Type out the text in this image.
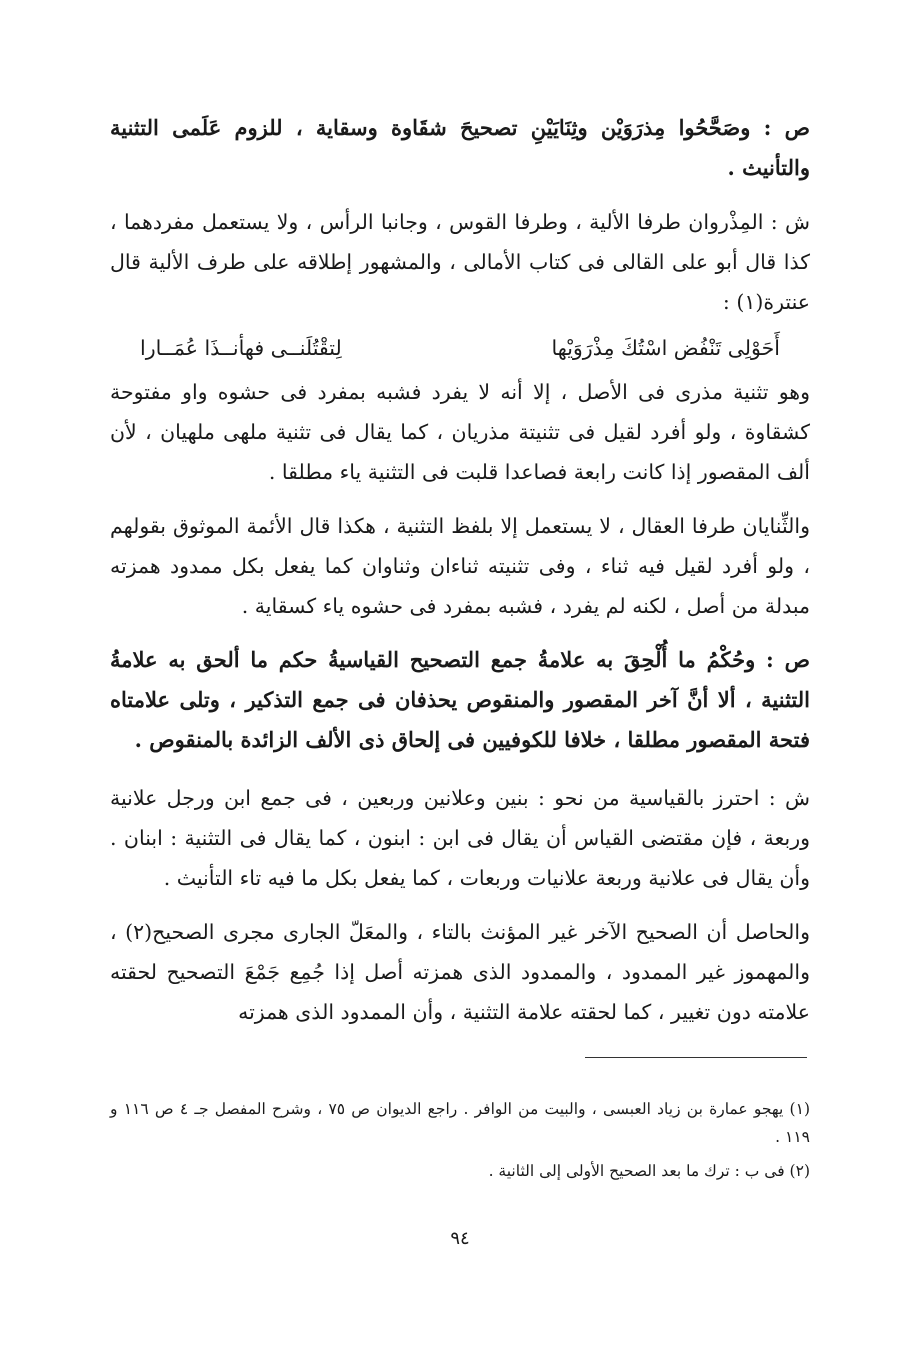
ص : وصَحَّحُوا مِذرَوَيْن وثِنَايَيْنِ تصحيحَ شقَاوة وسقاية ، للزوم عَلَمى التثنية والتأنيث .

ش : المِذْروان طرفا الألية ، وطرفا القوس ، وجانبا الرأس ، ولا يستعمل مفردهما ، كذا قال أبو على القالى فى كتاب الأمالى ، والمشهور إطلاقه على طرف الألية قال عنترة(١) :

أَحَوْلِى تَنْفُض اسْتُكَ مِذْرَوَيْها
لِتقْتُلَنــى فهأنــذَا عُمَــارا

وهو تثنية مذرى فى الأصل ، إلا أنه لا يفرد فشبه بمفرد فى حشوه واو مفتوحة كشقاوة ، ولو أفرد لقيل فى تثنيتة مذريان ، كما يقال فى تثنية ملهى ملهيان ، لأن ألف المقصور إذا كانت رابعة فصاعدا قلبت فى التثنية ياء مطلقا .

والثِّنايان طرفا العقال ، لا يستعمل إلا بلفظ التثنية ، هكذا قال الأئمة الموثوق بقولهم ، ولو أفرد لقيل فيه ثناء ، وفى تثنيته ثناءان وثناوان كما يفعل بكل ممدود همزته مبدلة من أصل ، لكنه لم يفرد ، فشبه بمفرد فى حشوه ياء كسقاية .

ص : وحُكْمُ ما أُلْحِقَ به علامةُ جمع التصحيح القياسيةُ حكم ما ألحق به علامةُ التثنية ، ألا أنَّ آخر المقصور والمنقوص يحذفان فى جمع التذكير ، وتلى علامتاه فتحة المقصور مطلقا ، خلافا للكوفيين فى إلحاق ذى الألف الزائدة بالمنقوص .

ش : احترز بالقياسية من نحو : بنين وعلانين وربعين ، فى جمع ابن ورجل علانية وربعة ، فإن مقتضى القياس أن يقال فى ابن : ابنون ، كما يقال فى التثنية : ابنان . وأن يقال فى علانية وربعة علانيات وربعات ، كما يفعل بكل ما فيه تاء التأنيث .

والحاصل أن الصحيح الآخر غير المؤنث بالتاء ، والمعَلّ الجارى مجرى الصحيح(٢) ، والمهموز غير الممدود ، والممدود الذى همزته أصل إذا جُمِع جَمْعَ التصحيح لحقته علامته دون تغيير ، كما لحقته علامة التثنية ، وأن الممدود الذى همزته

(١) يهجو عمارة بن زياد العبسى ، والبيت من الوافر . راجع الديوان ص ٧٥ ، وشرح المفصل جـ ٤ ص ١١٦ و ١١٩ .

(٢) فى ب : ترك ما بعد الصحيح الأولى إلى الثانية .

٩٤
